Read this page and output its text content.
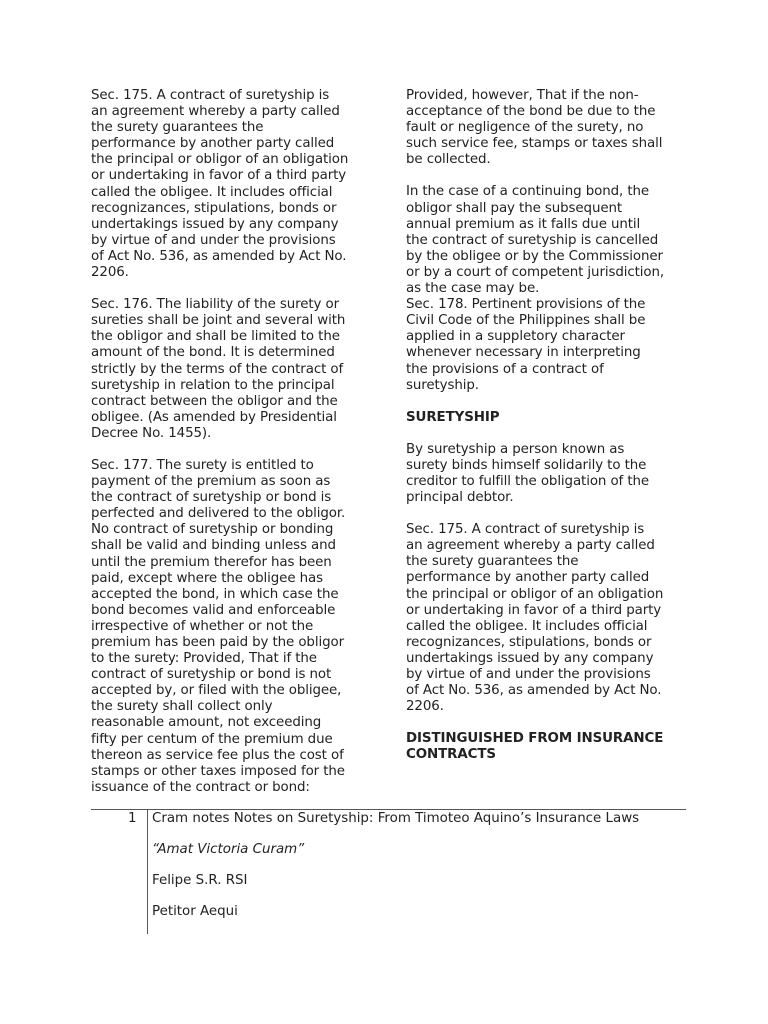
Sec. 175. A contract of suretyship is
an agreement whereby a party called
the surety guarantees the
performance by another party called
the principal or obligor of an obligation
or undertaking in favor of a third party
called the obligee. It includes official
recognizances, stipulations, bonds or
undertakings issued by any company
by virtue of and under the provisions
of Act No. 536, as amended by Act No.
2206.

Sec. 176. The liability of the surety or
sureties shall be joint and several with
the obligor and shall be limited to the
amount of the bond. It is determined
strictly by the terms of the contract of
suretyship in relation to the principal
contract between the obligor and the
obligee. (As amended by Presidential
Decree No. 1455).

Sec. 177. The surety is entitled to
payment of the premium as soon as
the contract of suretyship or bond is
perfected and delivered to the obligor.
No contract of suretyship or bonding
shall be valid and binding unless and
until the premium therefor has been
paid, except where the obligee has
accepted the bond, in which case the
bond becomes valid and enforceable
irrespective of whether or not the
premium has been paid by the obligor
to the surety: Provided, That if the
contract of suretyship or bond is not
accepted by, or filed with the obligee,
the surety shall collect only
reasonable amount, not exceeding
fifty per centum of the premium due
thereon as service fee plus the cost of
stamps or other taxes imposed for the
issuance of the contract or bond:

Provided, however, That if the non-
acceptance of the bond be due to the
fault or negligence of the surety, no
such service fee, stamps or taxes shall
be collected.

In the case of a continuing bond, the
obligor shall pay the subsequent
annual premium as it falls due until
the contract of suretyship is cancelled
by the obligee or by the Commissioner
or by a court of competent jurisdiction,
as the case may be.

Sec. 178. Pertinent provisions of the
Civil Code of the Philippines shall be
applied in a suppletory character
whenever necessary in interpreting
the provisions of a contract of
suretyship.

SURETYSHIP

By suretyship a person known as
surety binds himself solidarily to the
creditor to fulfill the obligation of the
principal debtor.

Sec. 175. A contract of suretyship is
an agreement whereby a party called
the surety guarantees the
performance by another party called
the principal or obligor of an obligation
or undertaking in favor of a third party
called the obligee. It includes official
recognizances, stipulations, bonds or
undertakings issued by any company
by virtue of and under the provisions
of Act No. 536, as amended by Act No.
2206.

DISTINGUISHED FROM INSURANCE
CONTRACTS

1 Cram notes Notes on Suretyship: From Timoteo Aquino’s Insurance Laws
“Amat Victoria Curam”
Felipe S.R. RSI
Petitor Aequi
